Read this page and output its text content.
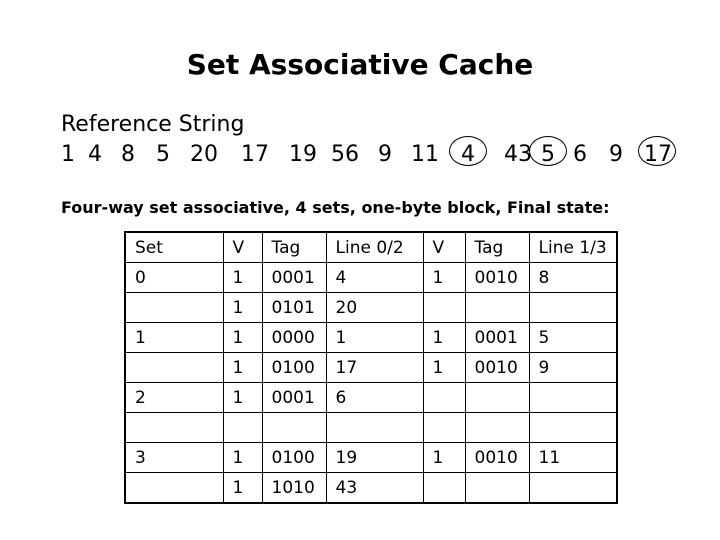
Set Associative Cache
Reference String
1 4 8 5 20 17 19 56 9 11 4 43 5 6 9 17
Four-way set associative, 4 sets, one-byte block, Final state:
Set	V	Tag	Line 0/2	V	Tag	Line 1/3
0	1	0001	4	1	0010	8
	1	0101	20			
1	1	0000	1	1	0001	5
	1	0100	17	1	0010	9
2	1	0001	6			

3	1	0100	19	1	0010	11
	1	1010	43			
